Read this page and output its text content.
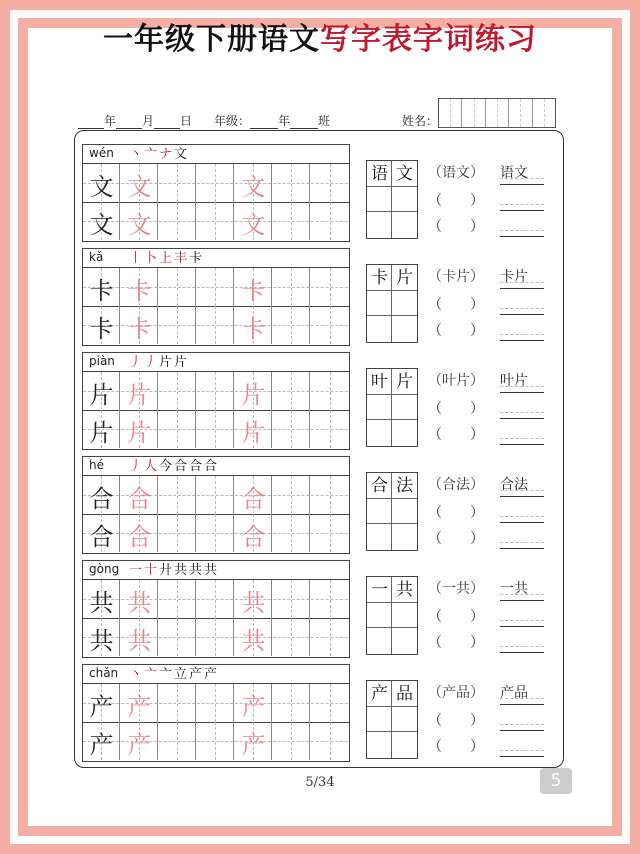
一年级下册语文写字表字词练习
年 月 日 年级： 年 班	姓名：
wén 丶亠ナ文
文 文	文
文 文	文
语 文 （语文）
（　　）
（　　）
语文
kǎ 丨卜上丰卡
卡 卡	卡
卡 卡	卡
卡 片 （卡片）
（　　）
（　　）
卡片
piàn 丿丿片片
片 片	片
片 片	片
叶 片 （叶片）
（　　）
（　　）
叶片
hé 丿人今合合合
合 合	合
合 合	合
合 法 （合法）
（　　）
（　　）
合法
gòng 一十廾共共共
共 共	共
共 共	共
一 共 （一共）
（　　）
（　　）
一共
chǎn 丶亠亠立产产
产 产	产
产 产	产
产 品 （产品）
（　　）
（　　）
产品
5/34	5
